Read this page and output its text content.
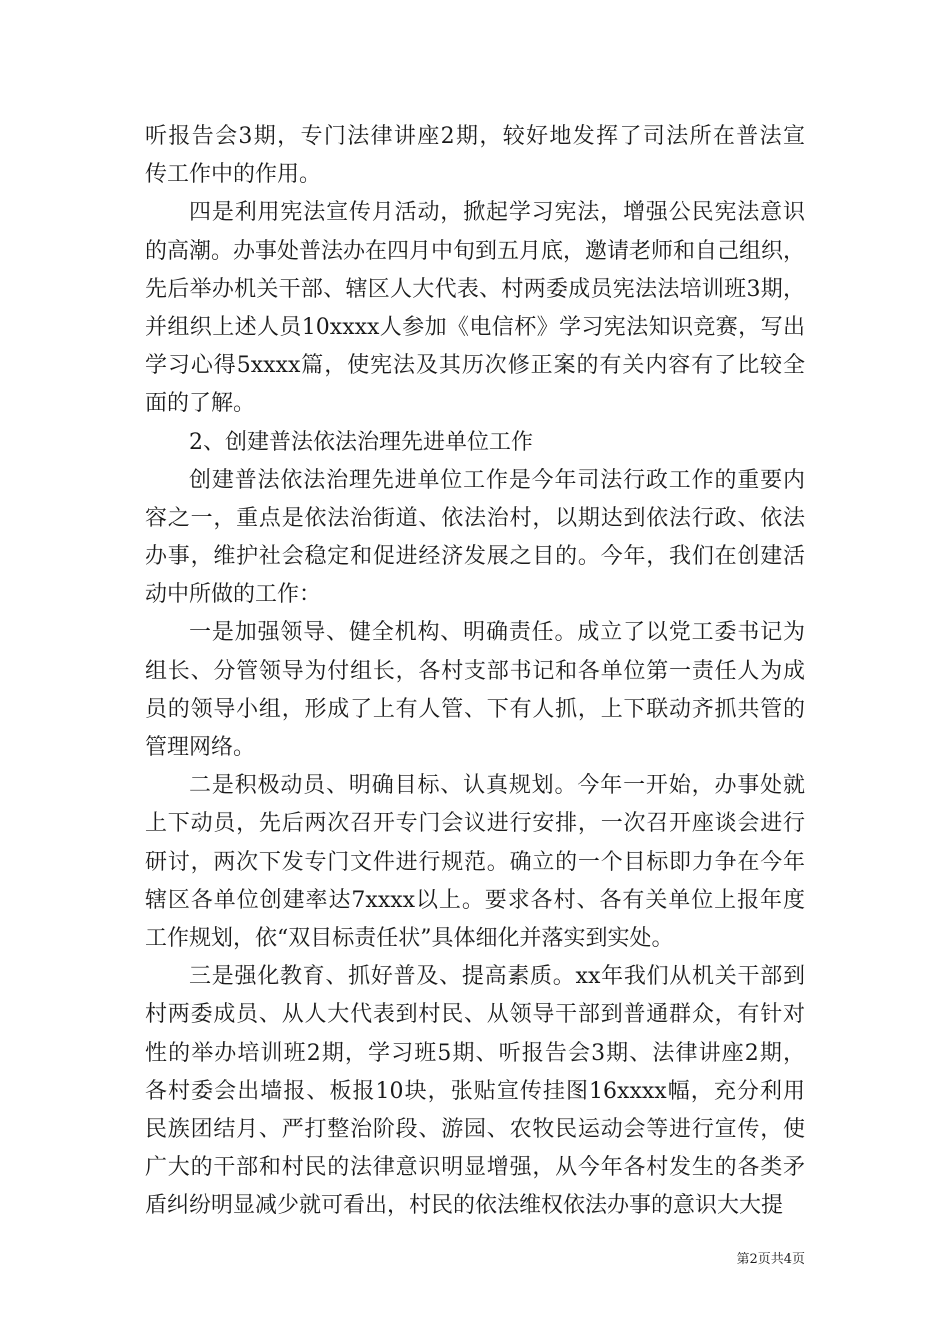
听报告会3期，专门法律讲座2期，较好地发挥了司法所在普法宣
传工作中的作用。
四是利用宪法宣传月活动，掀起学习宪法，增强公民宪法意识
的高潮。办事处普法办在四月中旬到五月底，邀请老师和自己组织，
先后举办机关干部、辖区人大代表、村两委成员宪法法培训班3期，
并组织上述人员10xxxx人参加《电信杯》学习宪法知识竞赛，写出
学习心得5xxxx篇，使宪法及其历次修正案的有关内容有了比较全
面的了解。
2、创建普法依法治理先进单位工作
创建普法依法治理先进单位工作是今年司法行政工作的重要内
容之一，重点是依法治街道、依法治村，以期达到依法行政、依法
办事，维护社会稳定和促进经济发展之目的。今年，我们在创建活
动中所做的工作：
一是加强领导、健全机构、明确责任。成立了以党工委书记为
组长、分管领导为付组长，各村支部书记和各单位第一责任人为成
员的领导小组，形成了上有人管、下有人抓，上下联动齐抓共管的
管理网络。
二是积极动员、明确目标、认真规划。今年一开始，办事处就
上下动员，先后两次召开专门会议进行安排，一次召开座谈会进行
研讨，两次下发专门文件进行规范。确立的一个目标即力争在今年
辖区各单位创建率达7xxxx以上。要求各村、各有关单位上报年度
工作规划，依“双目标责任状”具体细化并落实到实处。
三是强化教育、抓好普及、提高素质。xx年我们从机关干部到
村两委成员、从人大代表到村民、从领导干部到普通群众，有针对
性的举办培训班2期，学习班5期、听报告会3期、法律讲座2期，
各村委会出墙报、板报10块，张贴宣传挂图16xxxx幅，充分利用
民族团结月、严打整治阶段、游园、农牧民运动会等进行宣传，使
广大的干部和村民的法律意识明显增强，从今年各村发生的各类矛
盾纠纷明显减少就可看出，村民的依法维权依法办事的意识大大提
第2页共4页
